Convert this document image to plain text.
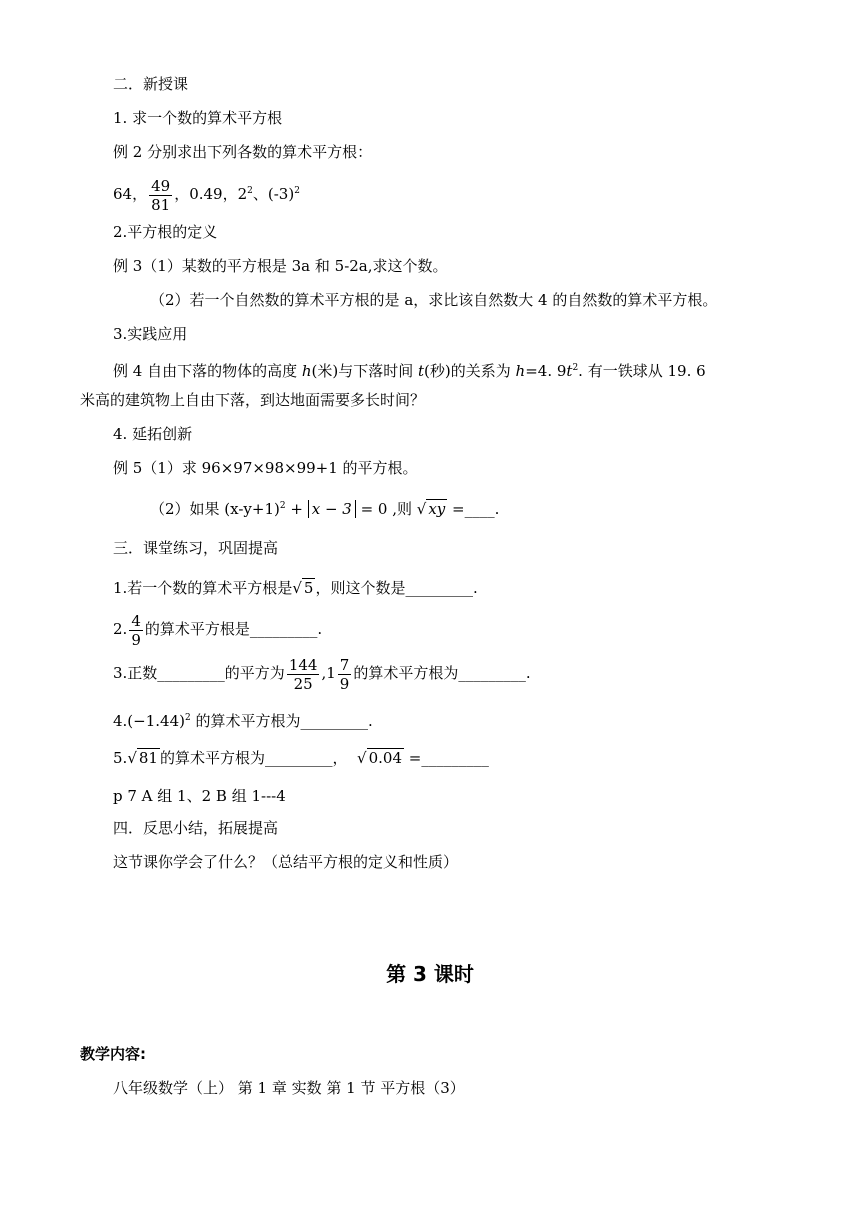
二．新授课
1. 求一个数的算术平方根
例 2 分别求出下列各数的算术平方根：
64， $\frac{49}{81}$ ，0.49，$2^2$、$(-3)^2$
2.平方根的定义
例 3（1）某数的平方根是 3a 和 5-2a,求这个数。
（2）若一个自然数的算术平方根的是 a，求比该自然数大 4 的自然数的算术平方根。
3.实践应用
例 4 自由下落的物体的高度 h(米)与下落时间 t(秒)的关系为 h=4. $9t^2$. 有一铁球从 19. 6
米高的建筑物上自由下落，到达地面需要多长时间？
4. 延拓创新
例 5（1）求 96×97×98×99+1 的平方根。
（2）如果 $(x-y+1)^2 + x - 3 = 0$ ,则 √ xy =____.
三．课堂练习，巩固提高
1.若一个数的算术平方根是√ 5 ，则这个数是_________.
2. $\frac{4}{9}$ 的算术平方根是_________.
3.正数_________的平方为 $\frac{144}{25} ,1 \frac{7}{9}$ 的算术平方根为_________.
$4.(-1.44)^2$ 的算术平方根为_________.
5.√ 81 的算术平方根为_________， √ 0.04 =_________
p 7 A 组 1、2 B 组 1---4
四．反思小结，拓展提高
这节课你学会了什么？（总结平方根的定义和性质）
第 3 课时
教学内容:
八年级数学（上） 第 1 章 实数 第 1 节 平方根（3）
